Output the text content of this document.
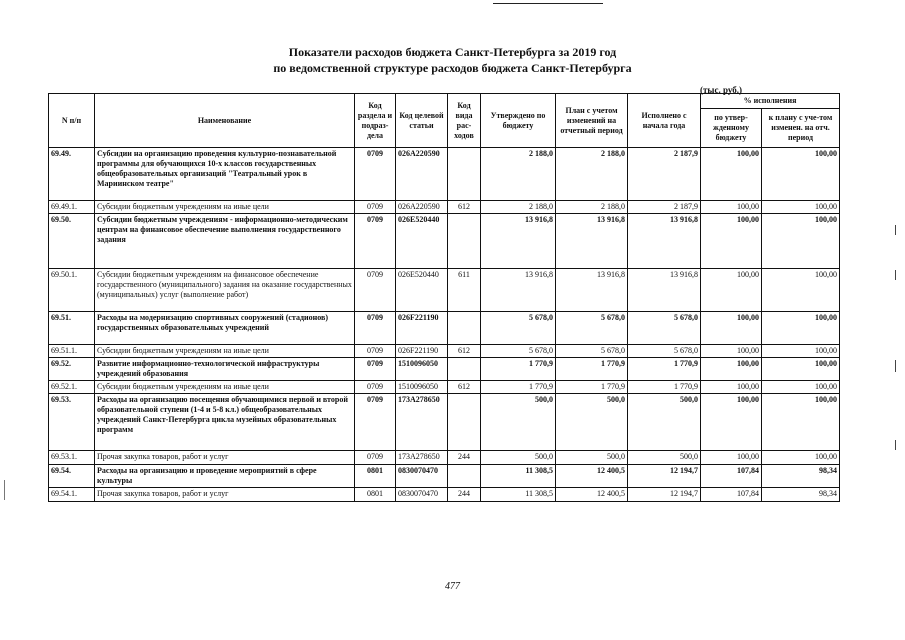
Показатели расходов бюджета Санкт-Петербурга за 2019 год
по ведомственной структуре расходов бюджета Санкт-Петербурга
(тыс. руб.)
N п/п	Наименование	Код раздела и подраз-дела	Код целевой статьи	Код вида рас-ходов	Утверждено по бюджету	План с учетом изменений на отчетный период	Исполнено с начала года	% исполнения	
								по утвер-жденному бюджету	к плану с уче-том изменен. на отч. период
69.49.	Субсидии на организацию проведения культурно-познавательной программы для обучающихся 10-х классов государственных общеобразовательных организаций "Театральный урок в Мариинском театре"	0709	026A220590		2 188,0	2 188,0	2 187,9	100,00	100,00
69.49.1.	Субсидии бюджетным учреждениям на иные цели	0709	026A220590	612	2 188,0	2 188,0	2 187,9	100,00	100,00
69.50.	Субсидии бюджетным учреждениям - информационно-методическим центрам на финансовое обеспечение выполнения государственного задания	0709	026E520440		13 916,8	13 916,8	13 916,8	100,00	100,00
69.50.1.	Субсидии бюджетным учреждениям на финансовое обеспечение государственного (муниципального) задания на оказание государственных (муниципальных) услуг (выполнение работ)	0709	026E520440	611	13 916,8	13 916,8	13 916,8	100,00	100,00
69.51.	Расходы на модернизацию спортивных сооружений (стадионов) государственных образовательных учреждений	0709	026F221190		5 678,0	5 678,0	5 678,0	100,00	100,00
69.51.1.	Субсидии бюджетным учреждениям на иные цели	0709	026F221190	612	5 678,0	5 678,0	5 678,0	100,00	100,00
69.52.	Развитие информационно-технологической инфраструктуры учреждений образования	0709	1510096050		1 770,9	1 770,9	1 770,9	100,00	100,00
69.52.1.	Субсидии бюджетным учреждениям на иные цели	0709	1510096050	612	1 770,9	1 770,9	1 770,9	100,00	100,00
69.53.	Расходы на организацию посещения обучающимися первой и второй образовательной ступени (1-4 и 5-8 кл.) общеобразовательных учреждений Санкт-Петербурга цикла музейных образовательных программ	0709	173A278650		500,0	500,0	500,0	100,00	100,00
69.53.1.	Прочая закупка товаров, работ и услуг	0709	173A278650	244	500,0	500,0	500,0	100,00	100,00
69.54.	Расходы на организацию и проведение мероприятий в сфере культуры	0801	0830070470		11 308,5	12 400,5	12 194,7	107,84	98,34
69.54.1.	Прочая закупка товаров, работ и услуг	0801	0830070470	244	11 308,5	12 400,5	12 194,7	107,84	98,34
477
